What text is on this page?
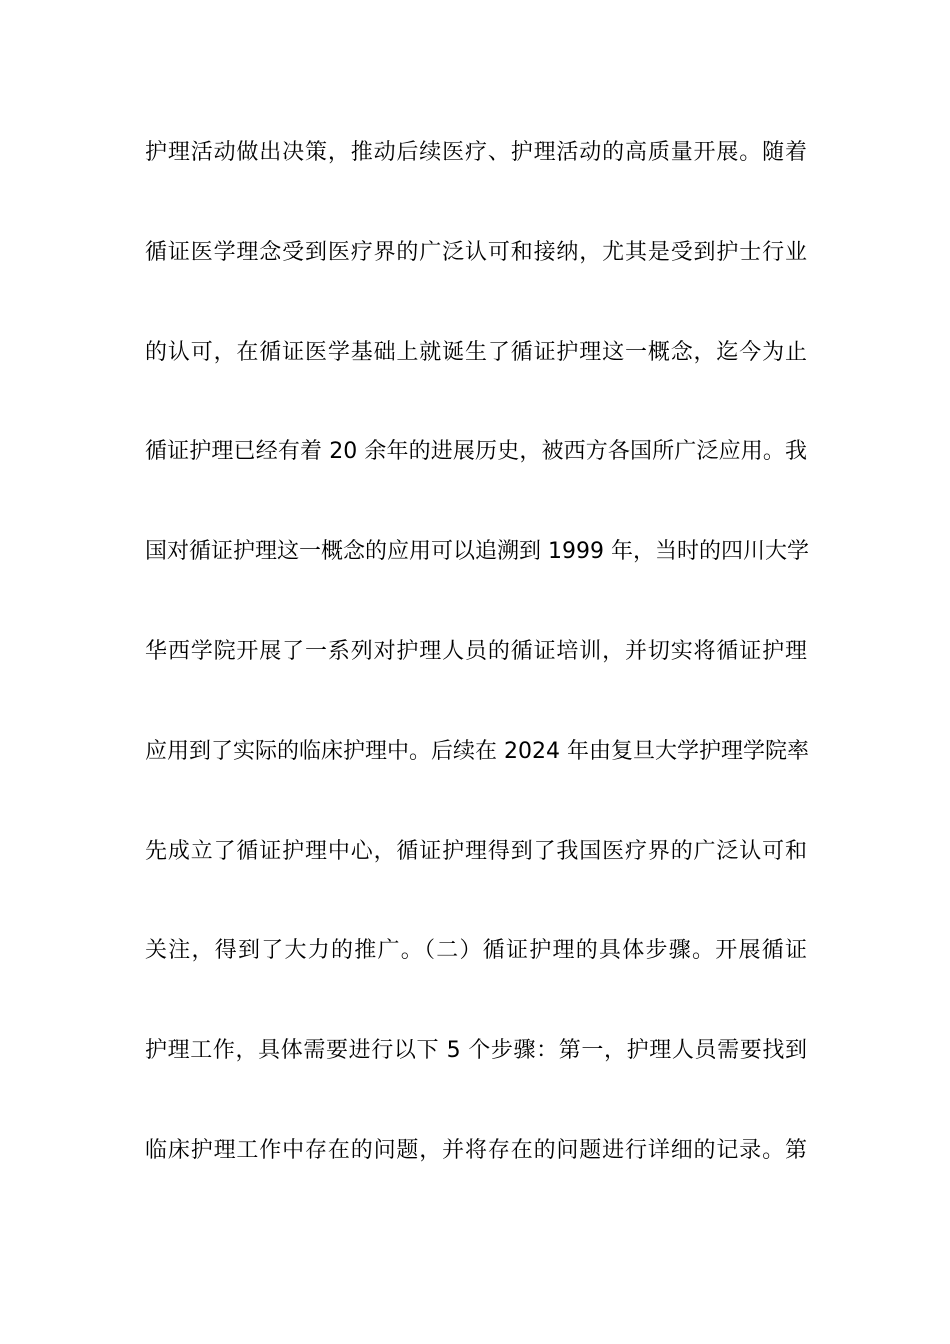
护理活动做出决策，推动后续医疗、护理活动的高质量开展。随着
循证医学理念受到医疗界的广泛认可和接纳，尤其是受到护士行业
的认可，在循证医学基础上就诞生了循证护理这一概念，迄今为止
循证护理已经有着 20 余年的进展历史，被西方各国所广泛应用。我
国对循证护理这一概念的应用可以追溯到 1999 年，当时的四川大学
华西学院开展了一系列对护理人员的循证培训，并切实将循证护理
应用到了实际的临床护理中。后续在 2024 年由复旦大学护理学院率
先成立了循证护理中心，循证护理得到了我国医疗界的广泛认可和
关注，得到了大力的推广。（二）循证护理的具体步骤。开展循证
护理工作，具体需要进行以下 5 个步骤：第一，护理人员需要找到
临床护理工作中存在的问题，并将存在的问题进行详细的记录。第
